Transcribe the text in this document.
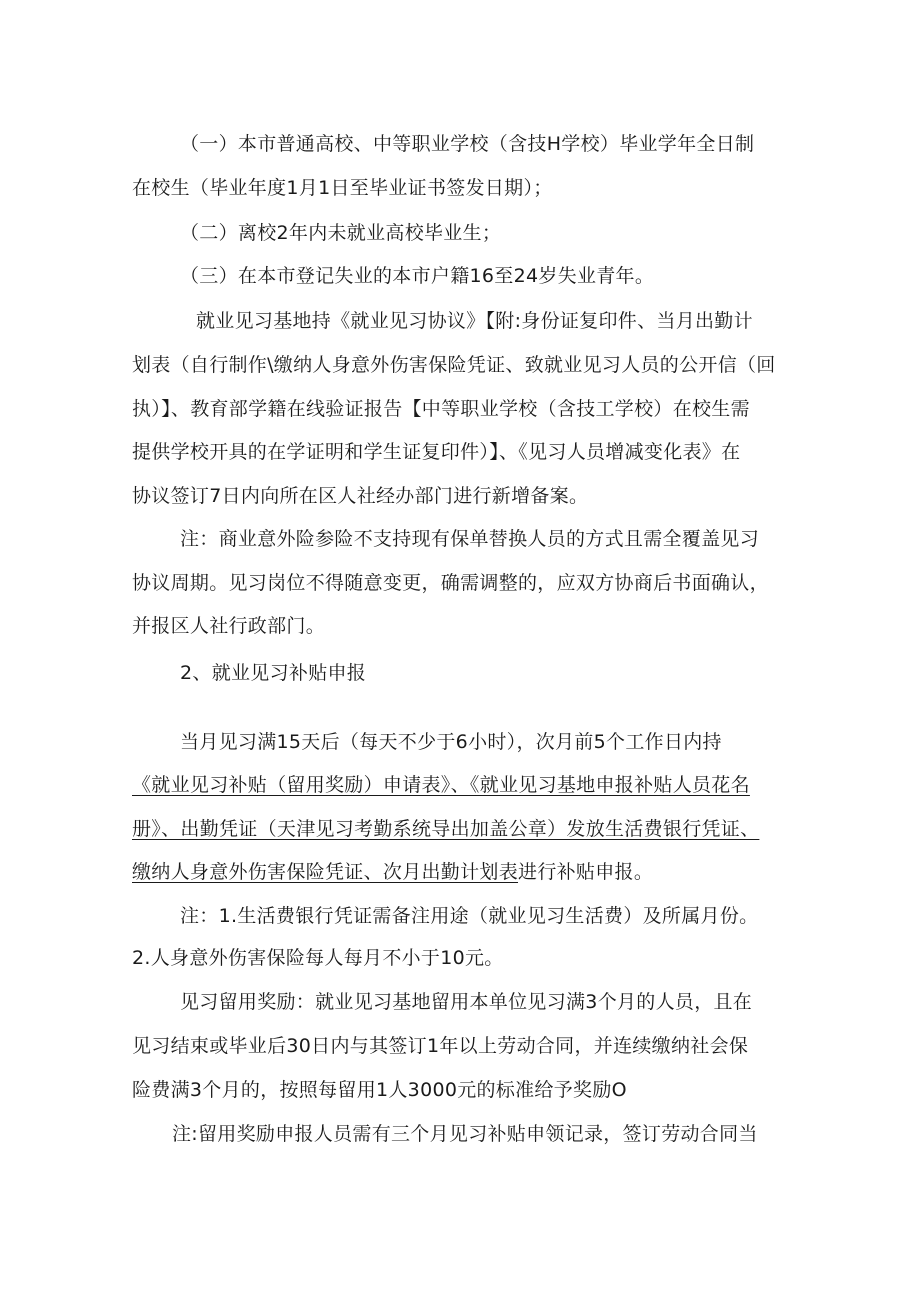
（一）本市普通高校、中等职业学校（含技H学校）毕业学年全日制
在校生（毕业年度1月1日至毕业证书签发日期）；
（二）离校2年内未就业高校毕业生；
（三）在本市登记失业的本市户籍16至24岁失业青年。
就业见习基地持《就业见习协议》【附:身份证复印件、当月出勤计
划表（自行制作\缴纳人身意外伤害保险凭证、致就业见习人员的公开信（回
执）】、教育部学籍在线验证报告【中等职业学校（含技工学校）在校生需
提供学校开具的在学证明和学生证复印件）】、《见习人员增减变化表》在
协议签订7日内向所在区人社经办部门进行新增备案。
注：商业意外险参险不支持现有保单替换人员的方式且需全覆盖见习
协议周期。见习岗位不得随意变更，确需调整的，应双方协商后书面确认，
并报区人社行政部门。
2、就业见习补贴申报
当月见习满15天后（每天不少于6小时），次月前5个工作日内持
《就业见习补贴（留用奖励）申请表》、《就业见习基地申报补贴人员花名
册》、出勤凭证（天津见习考勤系统导出加盖公章）发放生活费银行凭证、
缴纳人身意外伤害保险凭证、次月出勤计划表进行补贴申报。
注：1.生活费银行凭证需备注用途（就业见习生活费）及所属月份。
2.人身意外伤害保险每人每月不小于10元。
见习留用奖励：就业见习基地留用本单位见习满3个月的人员，且在
见习结束或毕业后30日内与其签订1年以上劳动合同，并连续缴纳社会保
险费满3个月的，按照每留用1人3000元的标准给予奖励O
注:留用奖励申报人员需有三个月见习补贴申领记录，签订劳动合同当
